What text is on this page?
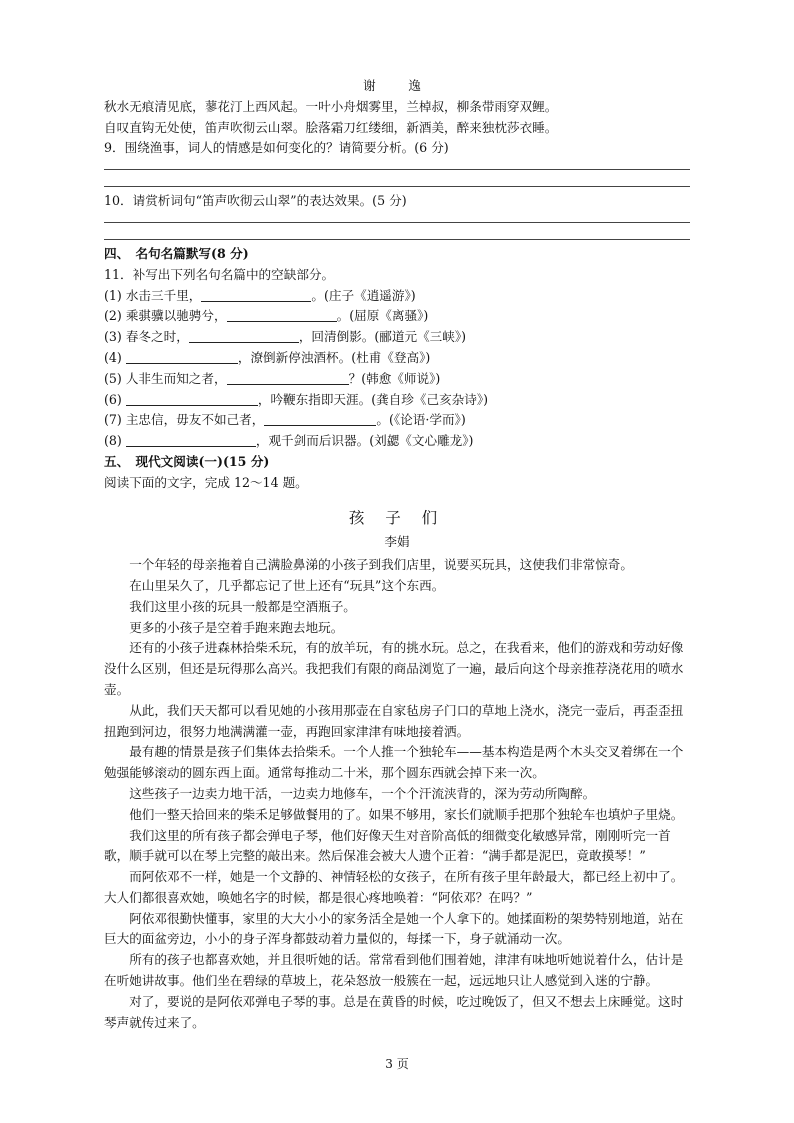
谢　逸
秋水无痕清见底，蓼花汀上西风起。一叶小舟烟雾里，兰棹叔，柳条带雨穿双鲤。
自叹直钩无处使，笛声吹彻云山翠。脍落霜刀红缕细，新酒美，醉来独枕莎衣睡。
9．围绕渔事，词人的情感是如何变化的？请简要分析。(6 分)
10．请赏析词句“笛声吹彻云山翠”的表达效果。(5 分)
四、　名句名篇默写(8 分)
11．补写出下列名句名篇中的空缺部分。
(1) 水击三千里，	。(庄子《逍遥游》)
(2) 乘骐骥以驰骋兮，	。(屈原《离骚》)
(3) 春冬之时，	，回清倒影。(郦道元《三峡》)
(4)	，潦倒新停浊酒杯。(杜甫《登高》)
(5) 人非生而知之者，	？(韩愈《师说》)
(6)	，吟鞭东指即天涯。(龚自珍《己亥杂诗》)
(7) 主忠信，毋友不如己者，	。(《论语·学而》)
(8)	，观千剑而后识器。(刘勰《文心雕龙》)
五、　现代文阅读(一)(15 分)
阅读下面的文字，完成 12～14 题。
孩 子 们
李娟
一个年轻的母亲拖着自己满脸鼻涕的小孩子到我们店里，说要买玩具，这使我们非常惊奇。
在山里呆久了，几乎都忘记了世上还有“玩具”这个东西。
我们这里小孩的玩具一般都是空酒瓶子。
更多的小孩子是空着手跑来跑去地玩。
还有的小孩子进森林拾柴禾玩，有的放羊玩，有的挑水玩。总之，在我看来，他们的游戏和劳动好像没什么区别，但还是玩得那么高兴。我把我们有限的商品浏览了一遍，最后向这个母亲推荐浇花用的喷水壶。
从此，我们天天都可以看见她的小孩用那壶在自家毡房子门口的草地上浇水，浇完一壶后，再歪歪扭扭跑到河边，很努力地满满灌一壶，再跑回家津津有味地接着洒。
最有趣的情景是孩子们集体去拾柴禾。一个人推一个独轮车——基本构造是两个木头交叉着绑在一个勉强能够滚动的圆东西上面。通常每推动二十米，那个圆东西就会掉下来一次。
这些孩子一边卖力地干活，一边卖力地修车，一个个汗流浃背的，深为劳动所陶醉。
他们一整天拾回来的柴禾足够做餐用的了。如果不够用，家长们就顺手把那个独轮车也填炉子里烧。
我们这里的所有孩子都会弹电子琴，他们好像天生对音阶高低的细微变化敏感异常，刚刚听完一首歌，顺手就可以在琴上完整的敲出来。然后保准会被大人遗个正着：“满手都是泥巴，竟敢摸琴！”
而阿依邓不一样，她是一个文静的、神情轻松的女孩子，在所有孩子里年龄最大，都已经上初中了。大人们都很喜欢她，唤她名字的时候，都是很心疼地唤着：“阿依邓？在吗？”
阿依邓很勤快懂事，家里的大大小小的家务活全是她一个人拿下的。她揉面粉的架势特别地道，站在巨大的面盆旁边，小小的身子浑身都鼓动着力量似的，每揉一下，身子就涌动一次。
所有的孩子也都喜欢她，并且很听她的话。常常看到他们围着她，津津有味地听她说着什么，估计是在听她讲故事。他们坐在碧绿的草坡上，花朵怒放一般簇在一起，远远地只让人感觉到入迷的宁静。
对了，要说的是阿依邓弹电子琴的事。总是在黄昏的时候，吃过晚饭了，但又不想去上床睡觉。这时琴声就传过来了。
3 页
